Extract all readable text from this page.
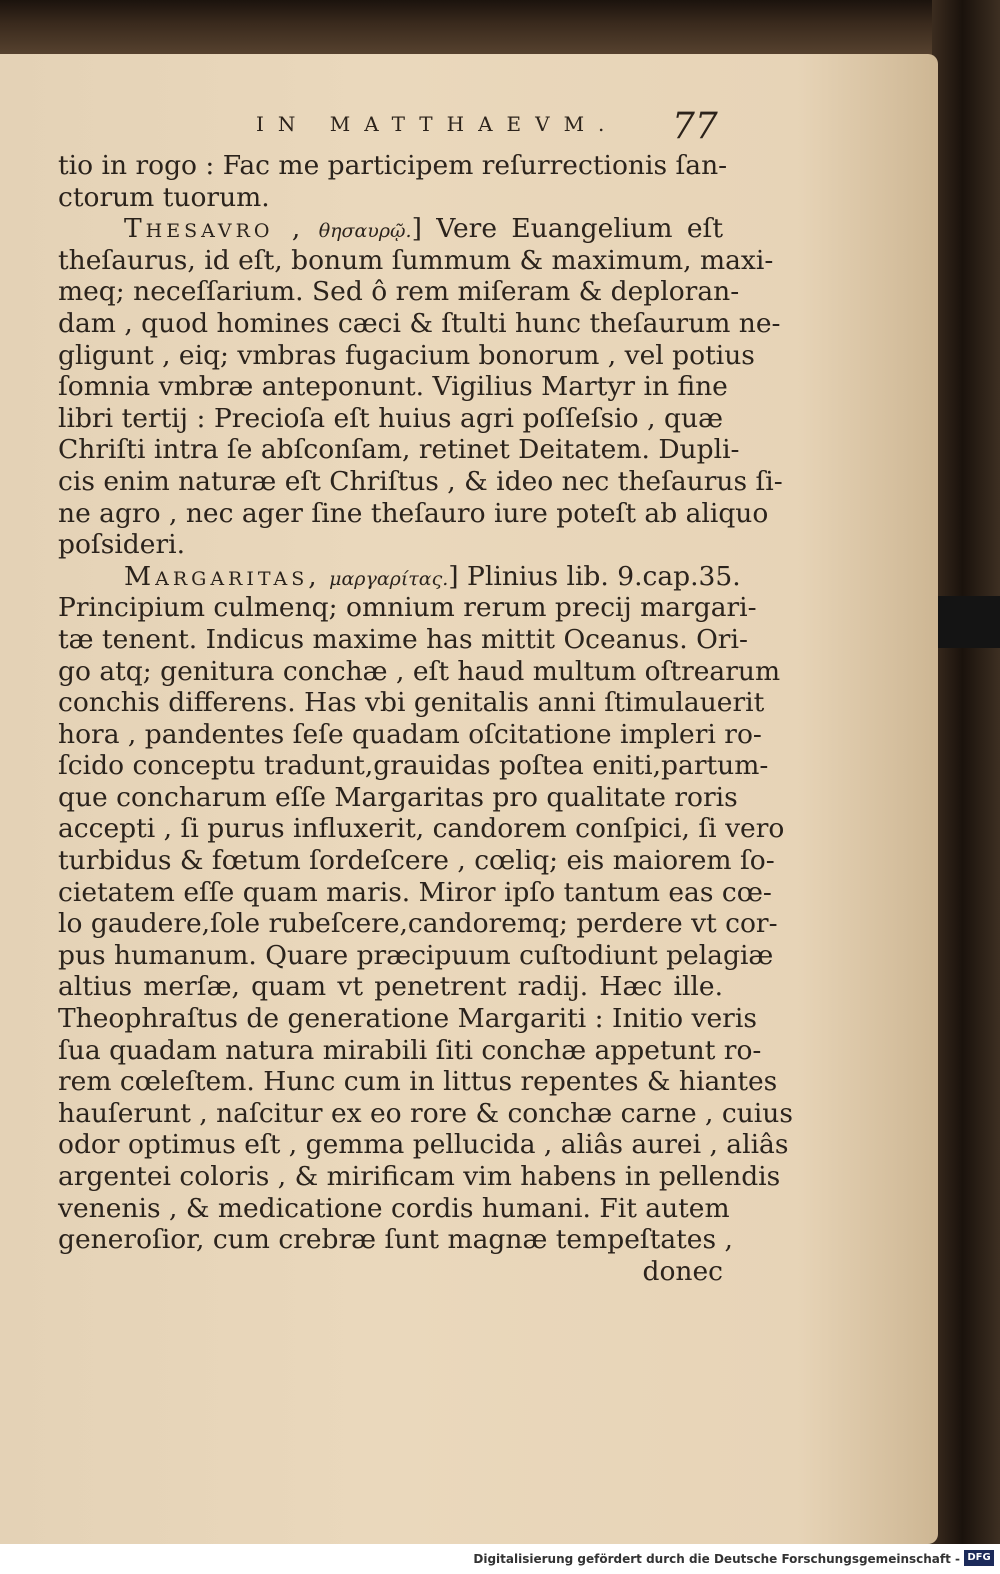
IN MATTHAEVM. 77
tio in rogo : Fac me participem reſurrectionis ſan-
ctorum tuorum.
Thesavro , θησαυρῷ.] Vere Euangelium eſt
theſaurus, id eſt, bonum ſummum & maximum, maxi-
meq; neceſſarium. Sed ô rem miſeram & deploran-
dam , quod homines cæci & ſtulti hunc theſaurum ne-
gligunt , eiq; vmbras fugacium bonorum , vel potius
ſomnia vmbræ anteponunt. Vigilius Martyr in fine
libri tertij : Precioſa eſt huius agri poſſeſsio , quæ
Chriſti intra ſe abſconſam, retinet Deitatem. Dupli-
cis enim naturæ eſt Chriſtus , & ideo nec theſaurus ſi-
ne agro , nec ager ſine theſauro iure poteſt ab aliquo
poſsideri.
Margaritas, μαργαρίτας.] Plinius lib. 9.cap.35.
Principium culmenq; omnium rerum precij margari-
tæ tenent. Indicus maxime has mittit Oceanus. Ori-
go atq; genitura conchæ , eſt haud multum oſtrearum
conchis differens. Has vbi genitalis anni ſtimulauerit
hora , pandentes ſeſe quadam oſcitatione impleri ro-
ſcido conceptu tradunt,grauidas poſtea eniti,partum-
que concharum eſſe Margaritas pro qualitate roris
accepti , ſi purus influxerit, candorem conſpici, ſi vero
turbidus & fœtum ſordeſcere , cœliq; eis maiorem ſo-
cietatem eſſe quam maris. Miror ipſo tantum eas cœ-
lo gaudere,ſole rubeſcere,candoremq; perdere vt cor-
pus humanum. Quare præcipuum cuſtodiunt pelagiæ
altius merſæ, quam vt penetrent radij. Hæc ille.
Theophraſtus de generatione Margariti : Initio veris
ſua quadam natura mirabili ſiti conchæ appetunt ro-
rem cœleſtem. Hunc cum in littus repentes & hiantes
hauſerunt , naſcitur ex eo rore & conchæ carne , cuius
odor optimus eſt , gemma pellucida , aliâs aurei , aliâs
argentei coloris , & mirificam vim habens in pellendis
venenis , & medicatione cordis humani. Fit autem
generoſior, cum crebræ ſunt magnæ tempeſtates ,
donec
Digitalisierung gefördert durch die Deutsche Forschungsgemeinschaft - DFG
